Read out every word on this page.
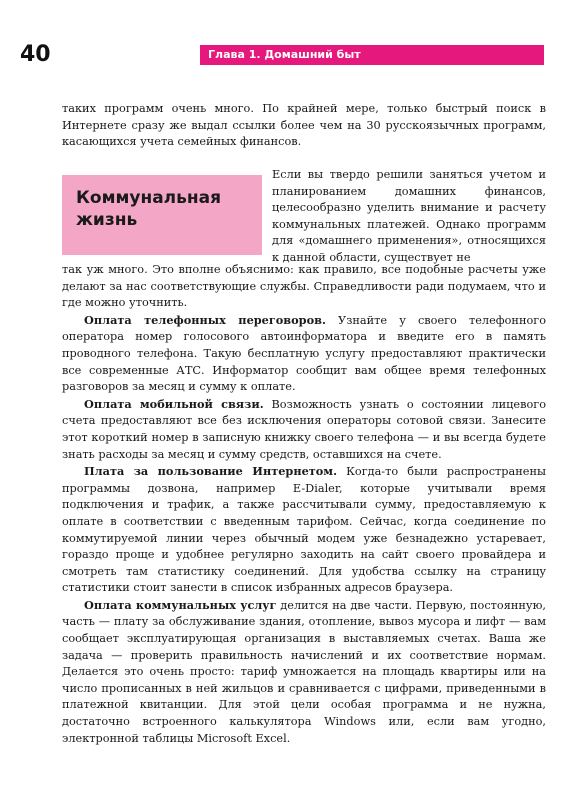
40	Глава 1. Домашний быт

таких программ очень много. По крайней мере, только быстрый поиск в Интернете сразу же выдал ссылки более чем на 30 русскоязычных программ, касающихся учета семейных финансов.

Коммунальная

жизнь

Если вы твердо решили заняться учетом и планированием домашних финансов, целесообразно уделить внимание и расчету коммунальных платежей. Однако программ для «домашнего применения», относящихся к данной области, существует не

так уж много. Это вполне объяснимо: как правило, все подобные расчеты уже делают за нас соответствующие службы. Справедливости ради подумаем, что и где можно уточнить.

Оплата телефонных переговоров. Узнайте у своего телефонного оператора номер голосового автоинформатора и введите его в память проводного телефона. Такую бесплатную услугу предоставляют практически все современные АТС. Информатор сообщит вам общее время телефонных разговоров за месяц и сумму к оплате.

Оплата мобильной связи. Возможность узнать о состоянии лицевого счета предоставляют все без исключения операторы сотовой связи. Занесите этот короткий номер в записную книжку своего телефона — и вы всегда будете знать расходы за месяц и сумму средств, оставшихся на счете.

Плата за пользование Интернетом. Когда-то были распространены программы дозвона, например E-Dialer, которые учитывали время подключения и трафик, а также рассчитывали сумму, предоставляемую к оплате в соответствии с введенным тарифом. Сейчас, когда соединение по коммутируемой линии через обычный модем уже безнадежно устаревает, гораздо проще и удобнее регулярно заходить на сайт своего провайдера и смотреть там статистику соединений. Для удобства ссылку на страницу статистики стоит занести в список избранных адресов браузера.

Оплата коммунальных услуг делится на две части. Первую, постоянную, часть — плату за обслуживание здания, отопление, вывоз мусора и лифт — вам сообщает эксплуатирующая организация в выставляемых счетах. Ваша же задача — проверить правильность начислений и их соответствие нормам. Делается это очень просто: тариф умножается на площадь квартиры или на число прописанных в ней жильцов и сравнивается с цифрами, приведенными в платежной квитанции. Для этой цели особая программа и не нужна, достаточно встроенного калькулятора Windows или, если вам угодно, электронной таблицы Microsoft Excel.
